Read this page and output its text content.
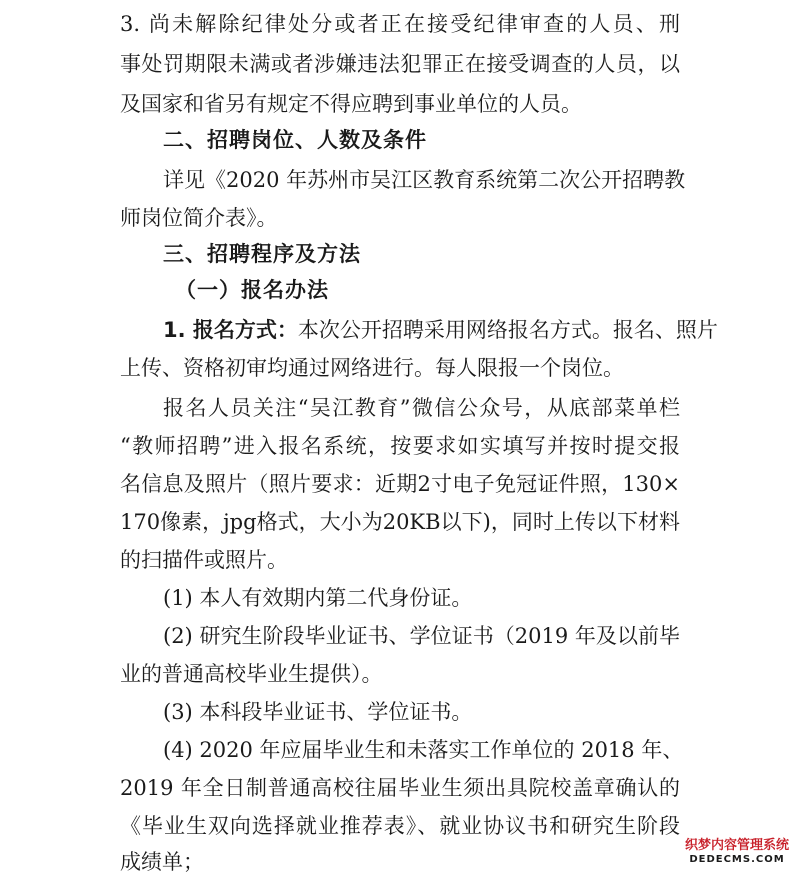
3. 尚未解除纪律处分或者正在接受纪律审查的人员、刑
事处罚期限未满或者涉嫌违法犯罪正在接受调查的人员，以
及国家和省另有规定不得应聘到事业单位的人员。
二、招聘岗位、人数及条件
详见《2020 年苏州市吴江区教育系统第二次公开招聘教
师岗位简介表》。
三、招聘程序及方法
（一）报名办法
1. 报名方式： 本次公开招聘采用网络报名方式。报名、照片
上传、资格初审均通过网络进行。每人限报一个岗位。
报名人员关注“吴江教育”微信公众号，从底部菜单栏
“教师招聘”进入报名系统，按要求如实填写并按时提交报
名信息及照片（照片要求：近期2寸电子免冠证件照，130×
170像素，jpg格式，大小为20KB以下)，同时上传以下材料
的扫描件或照片。
(1) 本人有效期内第二代身份证。
(2) 研究生阶段毕业证书、学位证书（2019 年及以前毕
业的普通高校毕业生提供）。
(3) 本科段毕业证书、学位证书。
(4) 2020 年应届毕业生和未落实工作单位的 2018 年、
2019 年全日制普通高校往届毕业生须出具院校盖章确认的
《毕业生双向选择就业推荐表》、就业协议书和研究生阶段
成绩单；
织梦内容管理系统
DEDECMS.COM
